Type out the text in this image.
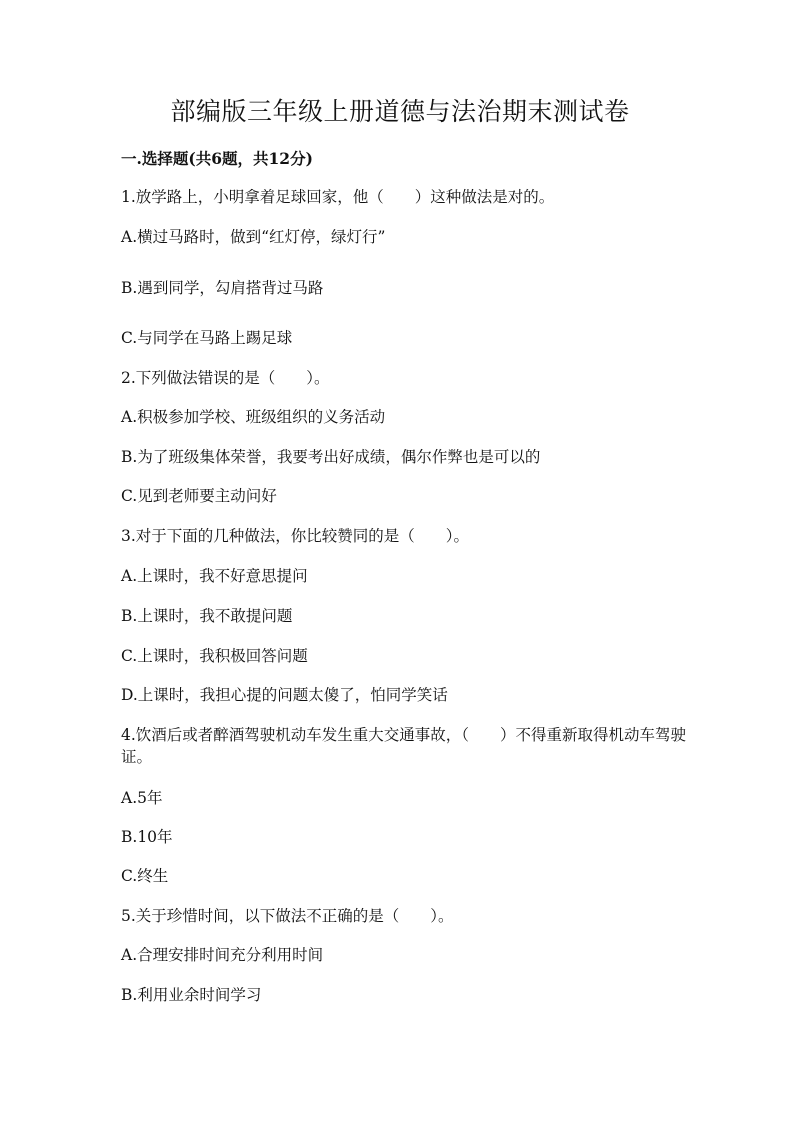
部编版三年级上册道德与法治期末测试卷
一.选择题(共6题，共12分)
1.放学路上，小明拿着足球回家，他（　　）这种做法是对的。
A.横过马路时，做到“红灯停，绿灯行”
B.遇到同学，勾肩搭背过马路
C.与同学在马路上踢足球
2.下列做法错误的是（　　）。
A.积极参加学校、班级组织的义务活动
B.为了班级集体荣誉，我要考出好成绩，偶尔作弊也是可以的
C.见到老师要主动问好
3.对于下面的几种做法，你比较赞同的是（　　）。
A.上课时，我不好意思提问
B.上课时，我不敢提问题
C.上课时，我积极回答问题
D.上课时，我担心提的问题太傻了，怕同学笑话
4.饮酒后或者醉酒驾驶机动车发生重大交通事故，（　　）不得重新取得机动车驾驶证。
A.5年
B.10年
C.终生
5.关于珍惜时间，以下做法不正确的是（　　）。
A.合理安排时间充分利用时间
B.利用业余时间学习
